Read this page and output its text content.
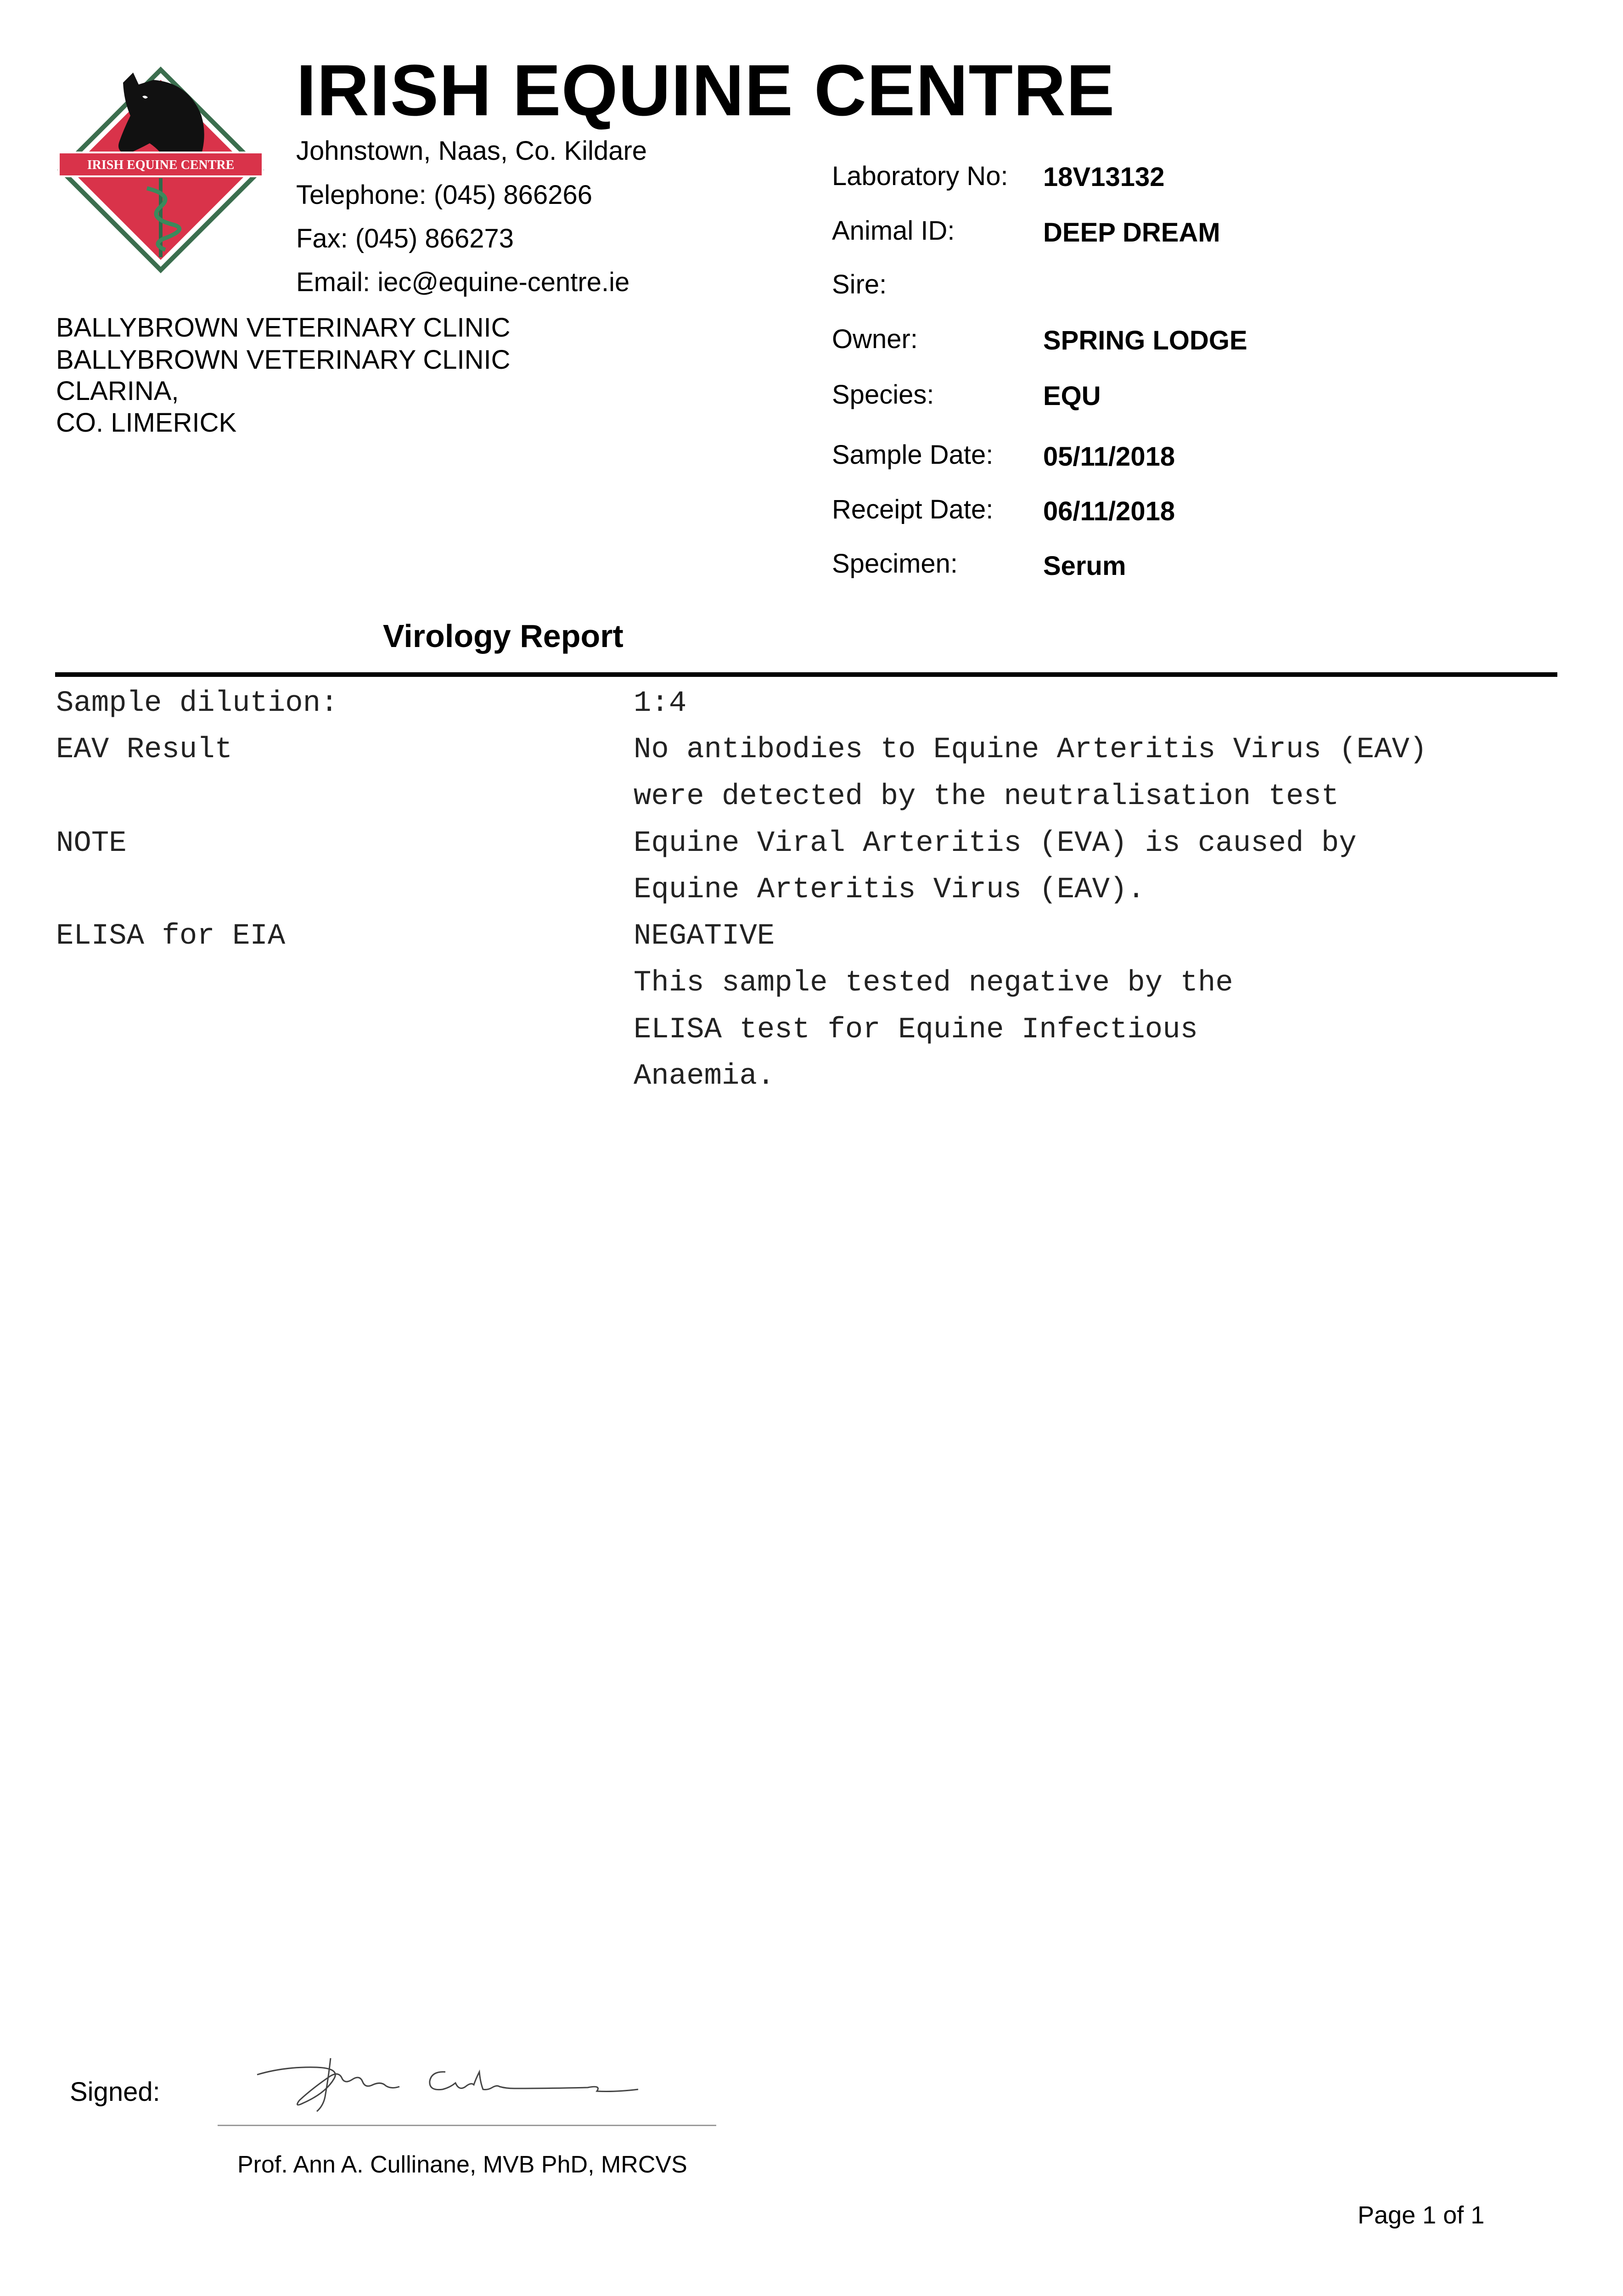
IRISH EQUINE CENTRE
IRISH EQUINE CENTRE
Johnstown, Naas, Co. Kildare
Telephone: (045) 866266
Fax: (045) 866273
Email: iec@equine-centre.ie
BALLYBROWN VETERINARY CLINIC
BALLYBROWN VETERINARY CLINIC
CLARINA,
CO. LIMERICK
Laboratory No: 18V13132
Animal ID:	DEEP DREAM
Sire:
Owner:	SPRING LODGE
Species:	EQU
Sample Date: 05/11/2018
Receipt Date: 06/11/2018
Specimen:	Serum
Virology Report
Sample dilution:	1:4
EAV Result	No antibodies to Equine Arteritis Virus (EAV)
were detected by the neutralisation test
NOTE	Equine Viral Arteritis (EVA) is caused by
Equine Arteritis Virus (EAV).
ELISA for EIA	NEGATIVE
This sample tested negative by the
ELISA test for Equine Infectious
Anaemia.
Signed:
Prof. Ann A. Cullinane, MVB PhD, MRCVS
Page 1 of 1
